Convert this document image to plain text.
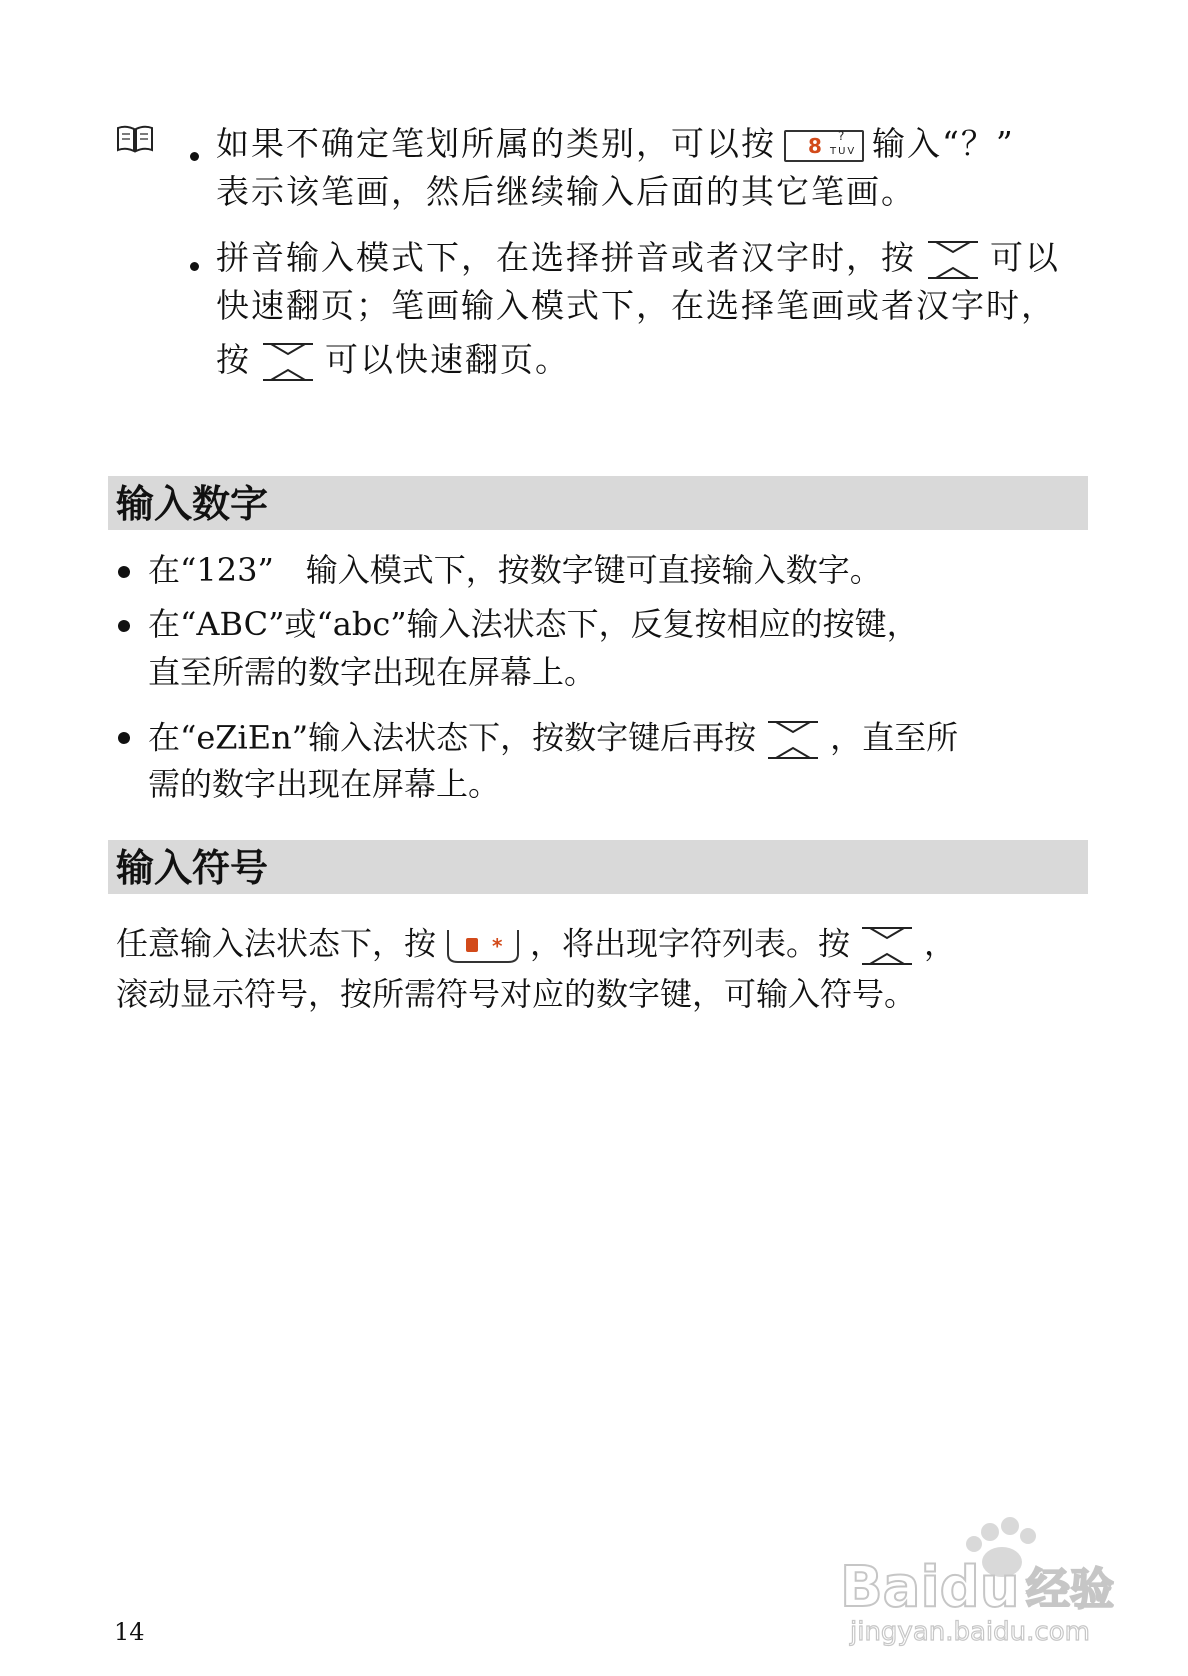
如果不确定笔划所属的类别，可以按 8 ?
TUV 输入“？”
表示该笔画，然后继续输入后面的其它笔画。
拼音输入模式下，在选择拼音或者汉字时，按 可以
快速翻页；笔画输入模式下，在选择笔画或者汉字时，
按 可以快速翻页。
输入数字
在“123”　输入模式下，按数字键可直接输入数字。
在“ABC”或“abc”输入法状态下，反复按相应的按键，
直至所需的数字出现在屏幕上。
在“eZiEn”输入法状态下，按数字键后再按 ，直至所
需的数字出现在屏幕上。
输入符号
任意输入法状态下，按	* ，将出现字符列表。按 ，
滚动显示符号，按所需符号对应的数字键，可输入符号。
Baidu 经验
jingyan.baidu.com
14
